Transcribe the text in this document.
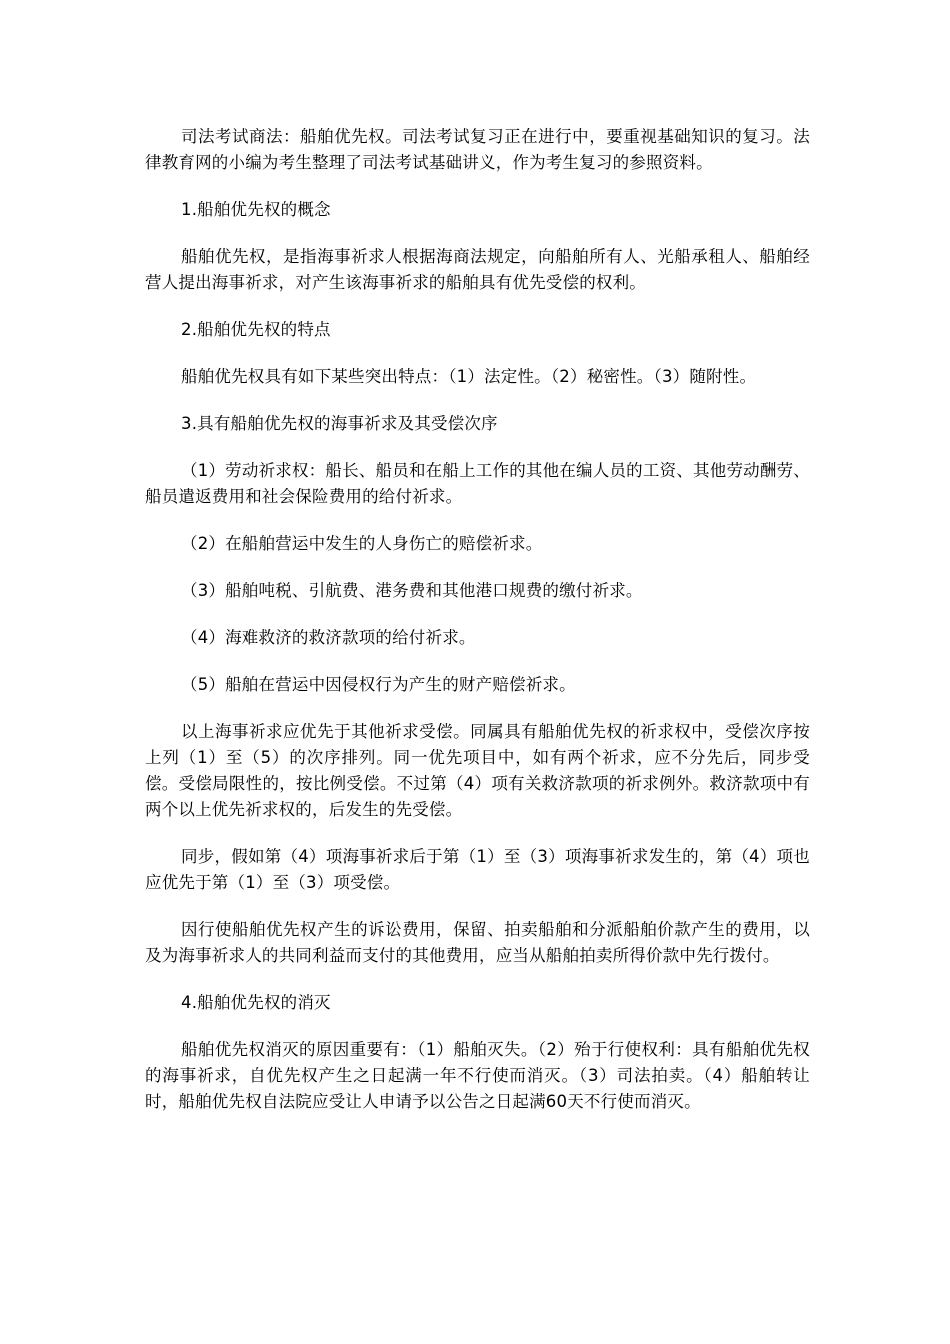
司法考试商法：船舶优先权。司法考试复习正在进行中，要重视基础知识的复习。法律教育网的小编为考生整理了司法考试基础讲义，作为考生复习的参照资料。

1.船舶优先权的概念

船舶优先权，是指海事祈求人根据海商法规定，向船舶所有人、光船承租人、船舶经营人提出海事祈求，对产生该海事祈求的船舶具有优先受偿的权利。

2.船舶优先权的特点

船舶优先权具有如下某些突出特点：（1）法定性。（2）秘密性。（3）随附性。

3.具有船舶优先权的海事祈求及其受偿次序

（1）劳动祈求权：船长、船员和在船上工作的其他在编人员的工资、其他劳动酬劳、船员遣返费用和社会保险费用的给付祈求。

（2）在船舶营运中发生的人身伤亡的赔偿祈求。

（3）船舶吨税、引航费、港务费和其他港口规费的缴付祈求。

（4）海难救济的救济款项的给付祈求。

（5）船舶在营运中因侵权行为产生的财产赔偿祈求。

以上海事祈求应优先于其他祈求受偿。同属具有船舶优先权的祈求权中，受偿次序按上列（1）至（5）的次序排列。同一优先项目中，如有两个祈求，应不分先后，同步受偿。受偿局限性的，按比例受偿。不过第（4）项有关救济款项的祈求例外。救济款项中有两个以上优先祈求权的，后发生的先受偿。

同步，假如第（4）项海事祈求后于第（1）至（3）项海事祈求发生的，第（4）项也应优先于第（1）至（3）项受偿。

因行使船舶优先权产生的诉讼费用，保留、拍卖船舶和分派船舶价款产生的费用，以及为海事祈求人的共同利益而支付的其他费用，应当从船舶拍卖所得价款中先行拨付。

4.船舶优先权的消灭

船舶优先权消灭的原因重要有：（1）船舶灭失。（2）殆于行使权利：具有船舶优先权的海事祈求，自优先权产生之日起满一年不行使而消灭。（3）司法拍卖。（4）船舶转让时，船舶优先权自法院应受让人申请予以公告之日起满60天不行使而消灭。
